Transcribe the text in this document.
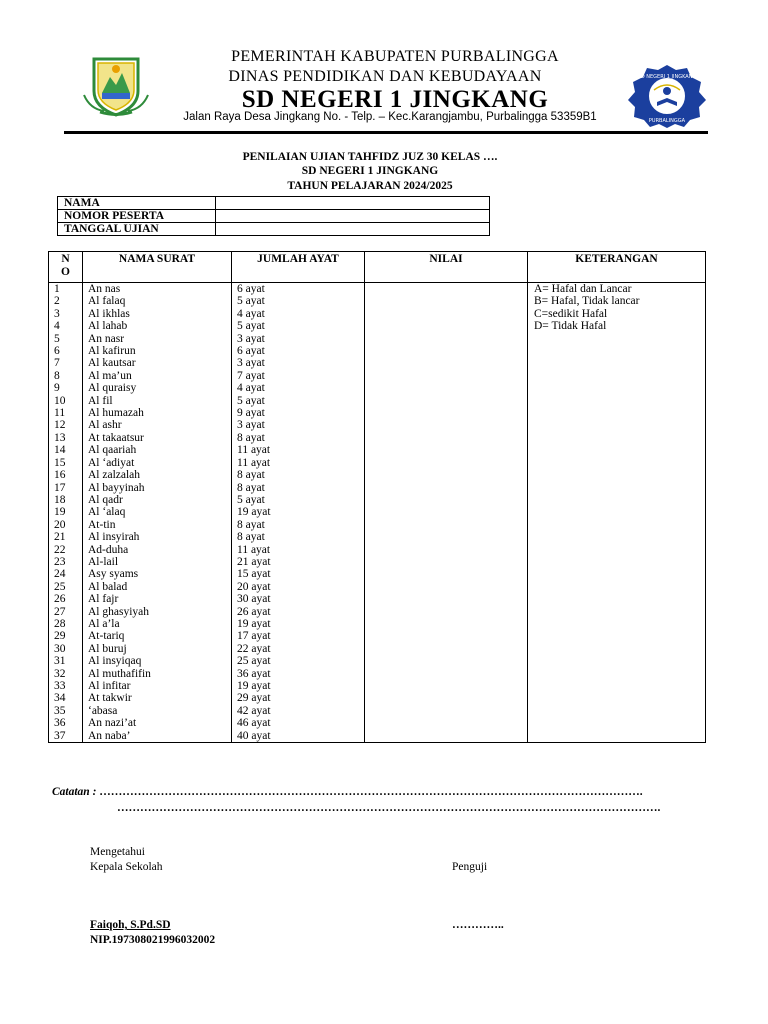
SD NEGERI 1 JINGKANG
PURBALINGGA
PEMERINTAH KABUPATEN PURBALINGGA
DINAS PENDIDIKAN DAN KEBUDAYAAN
SD NEGERI 1 JINGKANG
Jalan Raya Desa Jingkang No. - Telp. – Kec.Karangjambu, Purbalingga 53359B1
PENILAIAN UJIAN TAHFIDZ JUZ 30 KELAS ….
SD NEGERI 1 JINGKANG
TAHUN PELAJARAN 2024/2025
NAMA	
NOMOR PESERTA	
TANGGAL UJIAN	
N
O	NAMA SURAT	JUMLAH AYAT	NILAI	KETERANGAN
1	An nas	6 ayat		A= Hafal dan Lancar
2	Al falaq	5 ayat		B= Hafal, Tidak lancar
3	Al ikhlas	4 ayat		C=sedikit Hafal
4	Al lahab	5 ayat		D= Tidak Hafal
5	An nasr	3 ayat		
6	Al kafirun	6 ayat		
7	Al kautsar	3 ayat		
8	Al ma’un	7 ayat		
9	Al quraisy	4 ayat		
10	Al fil	5 ayat		
11	Al humazah	9 ayat		
12	Al ashr	3 ayat		
13	At takaatsur	8 ayat		
14	Al qaariah	11 ayat		
15	Al ‘adiyat	11 ayat		
16	Al zalzalah	8 ayat		
17	Al bayyinah	8 ayat		
18	Al qadr	5 ayat		
19	Al ‘alaq	19 ayat		
20	At-tin	8 ayat		
21	Al insyirah	8 ayat		
22	Ad-duha	11 ayat		
23	Al-lail	21 ayat		
24	Asy syams	15 ayat		
25	Al balad	20 ayat		
26	Al fajr	30 ayat		
27	Al ghasyiyah	26 ayat		
28	Al a’la	19 ayat		
29	At-tariq	17 ayat		
30	Al buruj	22 ayat		
31	Al insyiqaq	25 ayat		
32	Al muthafifin	36 ayat		
33	Al infitar	19 ayat		
34	At takwir	29 ayat		
35	‘abasa	42 ayat		
36	An nazi’at	46 ayat		
37	An naba’	40 ayat		
Catatan : …………………………………………………………………………………………………………………………….
…………………………………………………………………………………………………………………………….
Mengetahui
Kepala Sekolah	Penguji
Faiqoh, S.Pd.SD	…………..
NIP.197308021996032002
